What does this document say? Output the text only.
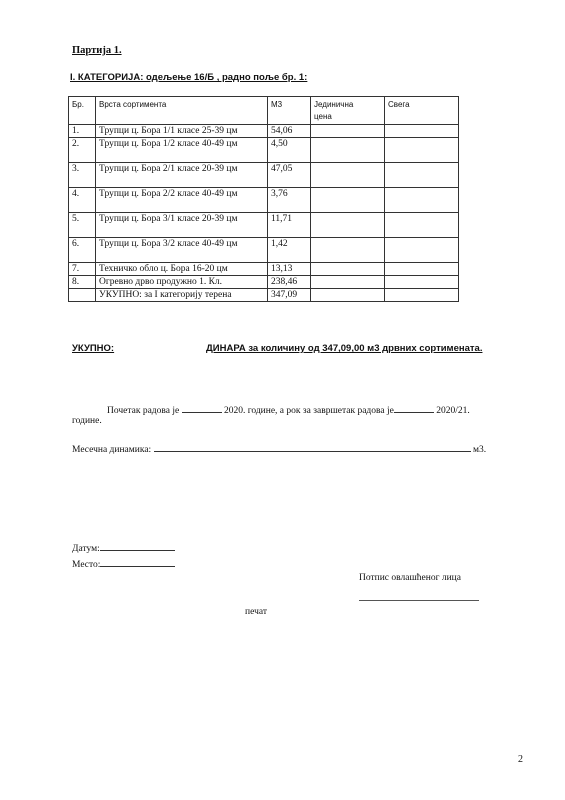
Партија 1.
I. КАТЕГОРИЈА: одељење 16/Б , радно поље бр. 1:
Бр.	Врста сортимента	М3	Јединична цена	Свега
1.	Трупци ц. Бора 1/1 класе 25-39 цм	54,06		
2.	Трупци ц. Бора 1/2 класе 40-49 цм	4,50		
3.	Трупци ц. Бора 2/1 класе 20-39 цм	47,05		
4.	Трупци ц. Бора 2/2 класе 40-49 цм	3,76		
5.	Трупци ц. Бора 3/1 класе 20-39 цм	11,71		
6.	Трупци ц. Бора 3/2 класе 40-49 цм	1,42		
7.	Техничко обло ц. Бора 16-20 цм	13,13		
8.	Огревно дрво продужно 1. Кл.	238,46		
	УКУПНО: за I категорију терена	347,09		
УКУПНО:	ДИНАРА за количину од 347,09,00 м3 дрвних сортимената.
Почетак радова је	2020. године, а рок за завршетак радова је	2020/21.
године.
Месечна динамика:	м3.
Датум:
Место:
Потпис овлашћеног лица
печат
2
